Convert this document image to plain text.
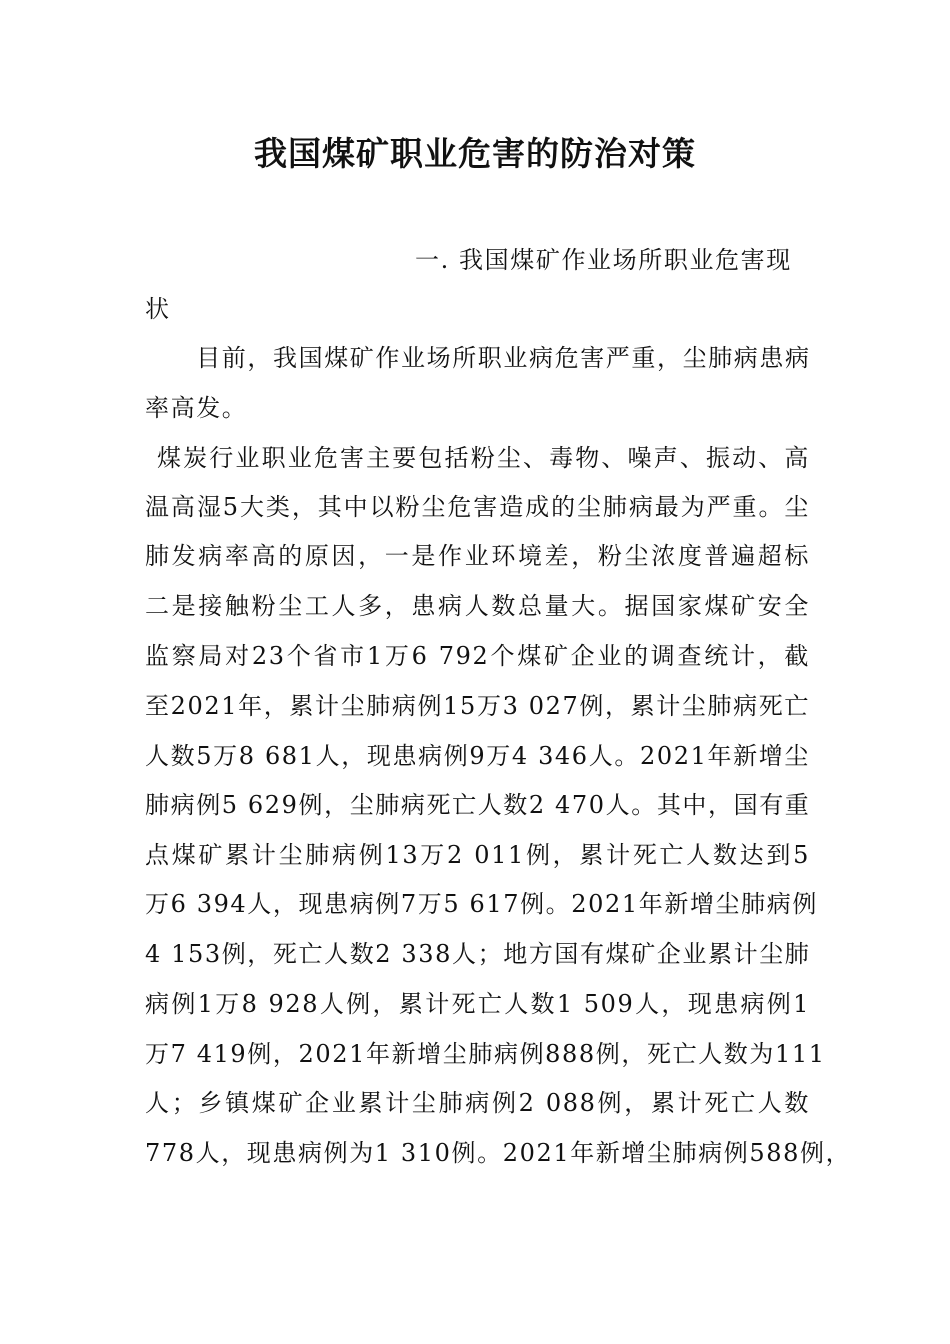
我国煤矿职业危害的防治对策
一. 我国煤矿作业场所职业危害现
状
　　目前，我国煤矿作业场所职业病危害严重，尘肺病患病
率高发。
煤炭行业职业危害主要包括粉尘、毒物、噪声、振动、高
温高湿5大类，其中以粉尘危害造成的尘肺病最为严重。尘
肺发病率高的原因，一是作业环境差，粉尘浓度普遍超标
二是接触粉尘工人多，患病人数总量大。据国家煤矿安全
监察局对23个省市1万6 792个煤矿企业的调查统计，截
至2021年，累计尘肺病例15万3 027例，累计尘肺病死亡
人数5万8 681人，现患病例9万4 346人。2021年新增尘
肺病例5 629例，尘肺病死亡人数2 470人。其中，国有重
点煤矿累计尘肺病例13万2 011例，累计死亡人数达到5
万6 394人，现患病例7万5 617例。2021年新增尘肺病例
4 153例，死亡人数2 338人；地方国有煤矿企业累计尘肺
病例1万8 928人例，累计死亡人数1 509人，现患病例1
万7 419例，2021年新增尘肺病例888例，死亡人数为111
人；乡镇煤矿企业累计尘肺病例2 088例，累计死亡人数
778人，现患病例为1 310例。2021年新增尘肺病例588例，
